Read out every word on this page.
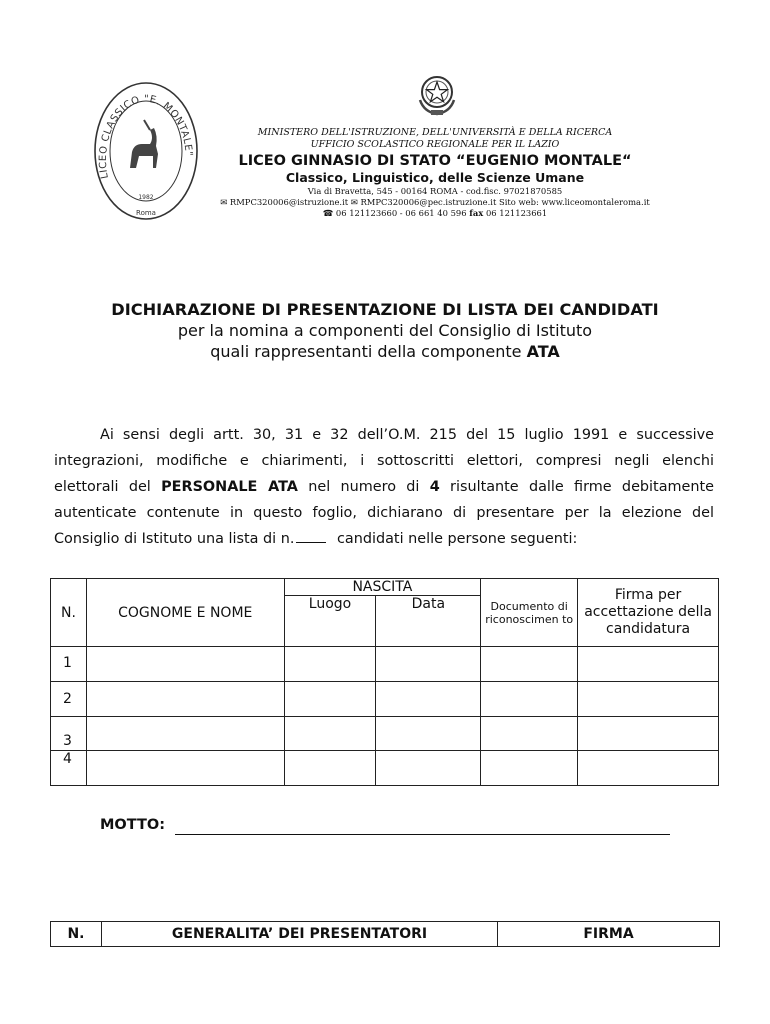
LICEO CLASSICO "E. MONTALE"
1982
Roma
MINISTERO DELL'ISTRUZIONE, DELL'UNIVERSITÀ E DELLA RICERCA
UFFICIO SCOLASTICO REGIONALE PER IL LAZIO
LICEO GINNASIO DI STATO “EUGENIO MONTALE“
Classico, Linguistico, delle Scienze Umane
Via di Bravetta, 545 - 00164 ROMA - cod.fisc. 97021870585
✉ RMPC320006@istruzione.it ✉ RMPC320006@pec.istruzione.it Sito web: www.liceomontaleroma.it
☎ 06 121123660 - 06 661 40 596 fax 06 121123661
DICHIARAZIONE DI PRESENTAZIONE DI LISTA DEI CANDIDATI
per la nomina a componenti del Consiglio di Istituto
quali rappresentanti della componente ATA
Ai sensi degli artt. 30, 31 e 32 dell’O.M. 215 del 15 luglio 1991 e successive
integrazioni, modifiche e chiarimenti, i sottoscritti elettori, compresi negli elenchi
elettorali del PERSONALE ATA nel numero di 4 risultante dalle firme debitamente
autenticate contenute in questo foglio, dichiarano di presentare per la elezione del
Consiglio di Istituto una lista di n.	candidati nelle persone seguenti:
N.	COGNOME E NOME	NASCITA		Documento di riconoscimen to	Firma per accettazione della candidatura
		Luogo	Data		
1					
2					
3					
4					
MOTTO:
N.	GENERALITA’ DEI PRESENTATORI	FIRMA
